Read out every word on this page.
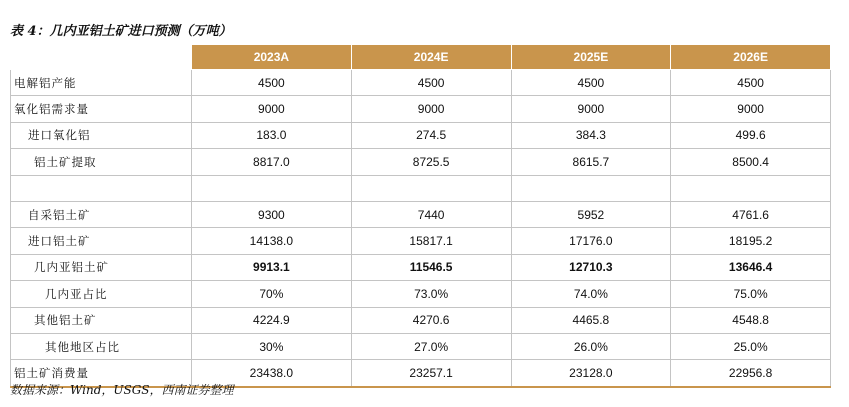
表 4：几内亚铝土矿进口预测（万吨）
	2023A	2024E	2025E	2026E
电解铝产能	4500	4500	4500	4500
氧化铝需求量	9000	9000	9000	9000
进口氧化铝	183.0	274.5	384.3	499.6
铝土矿提取	8817.0	8725.5	8615.7	8500.4

自采铝土矿	9300	7440	5952	4761.6
进口铝土矿	14138.0	15817.1	17176.0	18195.2
几内亚铝土矿	9913.1	11546.5	12710.3	13646.4
几内亚占比	70%	73.0%	74.0%	75.0%
其他铝土矿	4224.9	4270.6	4465.8	4548.8
其他地区占比	30%	27.0%	26.0%	25.0%
铝土矿消费量	23438.0	23257.1	23128.0	22956.8
数据来源：Wind，USGS，西南证券整理
